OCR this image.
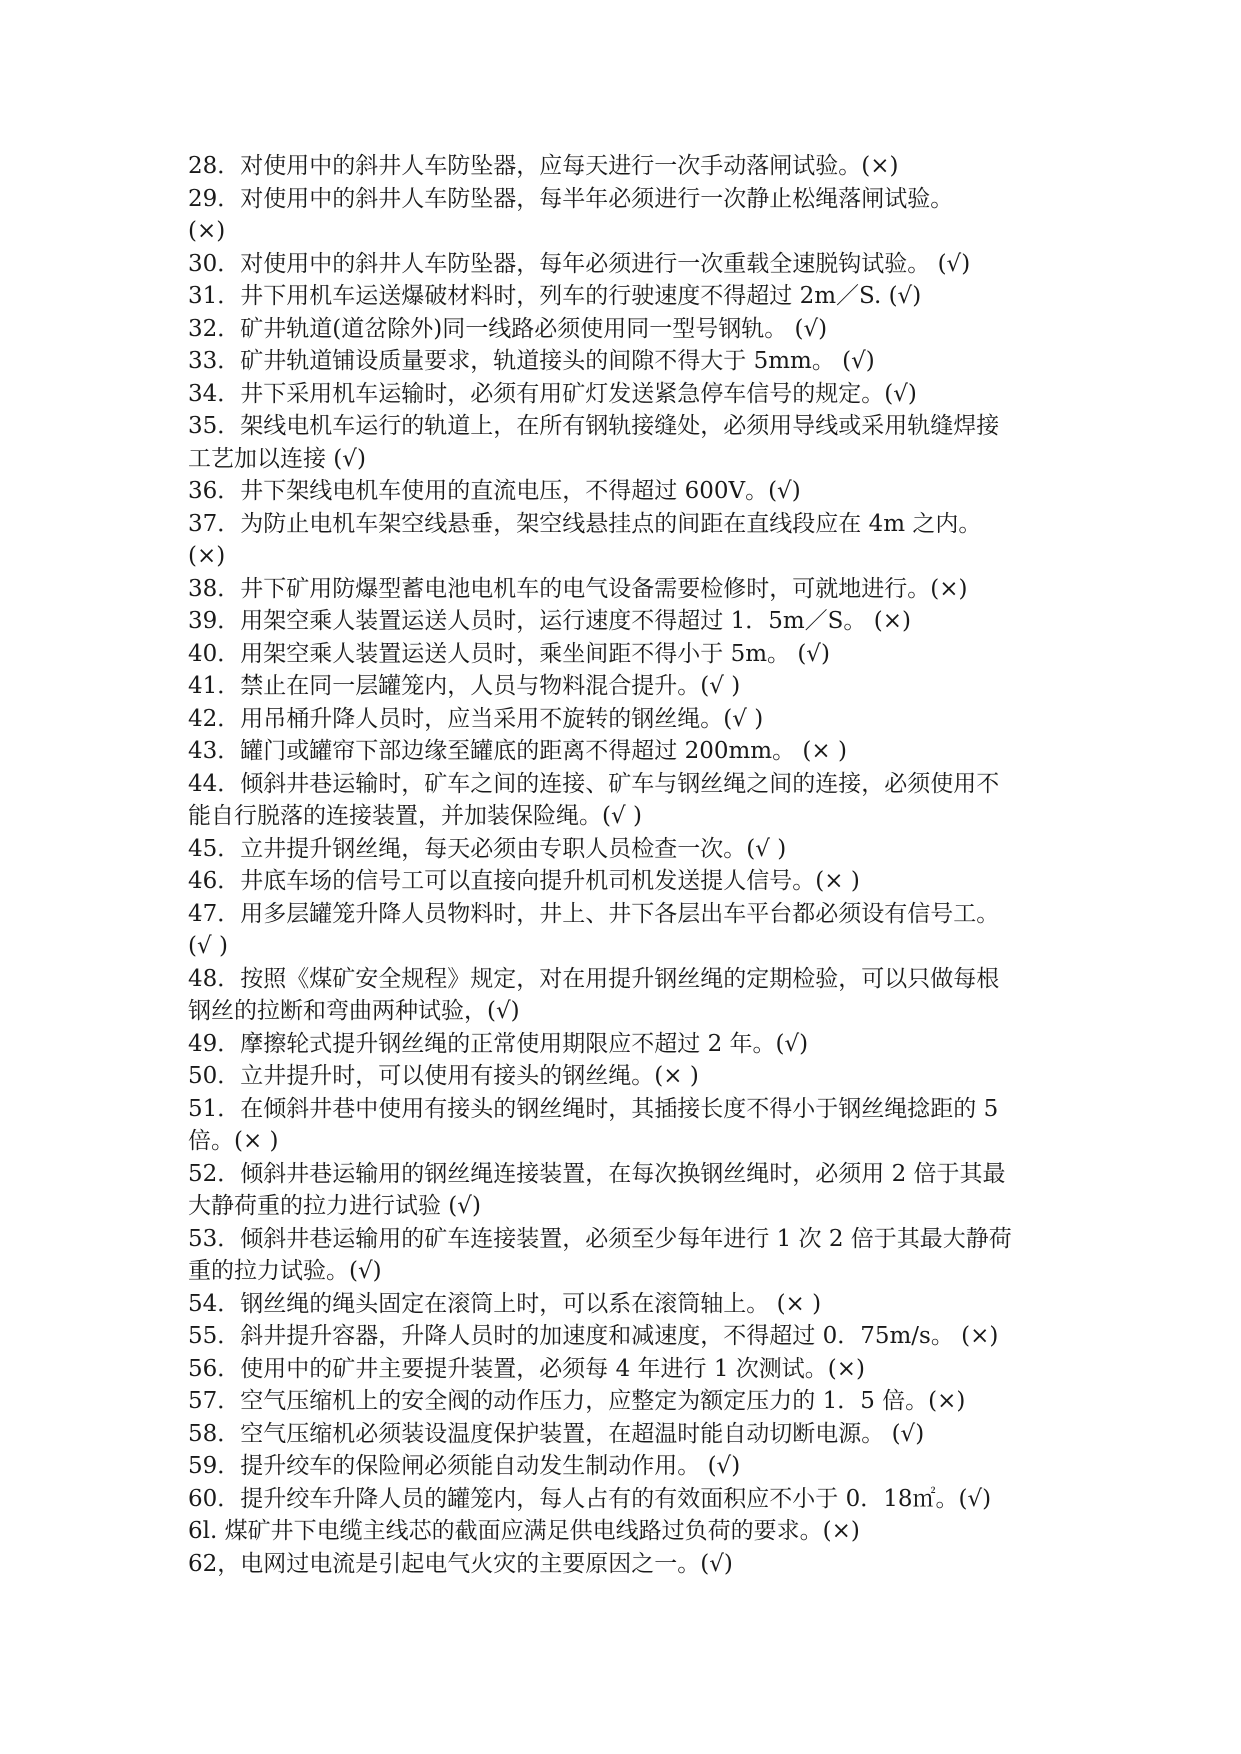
28．对使用中的斜井人车防坠器，应每天进行一次手动落闸试验。(×)
29．对使用中的斜井人车防坠器，每半年必须进行一次静止松绳落闸试验。
(×)
30．对使用中的斜井人车防坠器，每年必须进行一次重载全速脱钩试验。 (√)
31．井下用机车运送爆破材料时，列车的行驶速度不得超过 2m／S. (√)
32．矿井轨道(道岔除外)同一线路必须使用同一型号钢轨。 (√)
33．矿井轨道铺设质量要求，轨道接头的间隙不得大于 5mm。 (√)
34．井下采用机车运输时，必须有用矿灯发送紧急停车信号的规定。(√)
35．架线电机车运行的轨道上，在所有钢轨接缝处，必须用导线或采用轨缝焊接
工艺加以连接 (√)
36．井下架线电机车使用的直流电压，不得超过 600V。(√)
37．为防止电机车架空线悬垂，架空线悬挂点的间距在直线段应在 4m 之内。
(×)
38．井下矿用防爆型蓄电池电机车的电气设备需要检修时，可就地进行。(×)
39．用架空乘人装置运送人员时，运行速度不得超过 1．5m／S。 (×)
40．用架空乘人装置运送人员时，乘坐间距不得小于 5m。 (√)
41．禁止在同一层罐笼内，人员与物料混合提升。(√ )
42．用吊桶升降人员时，应当采用不旋转的钢丝绳。(√ )
43．罐门或罐帘下部边缘至罐底的距离不得超过 200mm。 (× )
44．倾斜井巷运输时，矿车之间的连接、矿车与钢丝绳之间的连接，必须使用不
能自行脱落的连接装置，并加装保险绳。(√ )
45．立井提升钢丝绳，每天必须由专职人员检查一次。(√ )
46．井底车场的信号工可以直接向提升机司机发送提人信号。(× )
47．用多层罐笼升降人员物料时，井上、井下各层出车平台都必须设有信号工。
(√ )
48．按照《煤矿安全规程》规定，对在用提升钢丝绳的定期检验，可以只做每根
钢丝的拉断和弯曲两种试验，(√)
49．摩擦轮式提升钢丝绳的正常使用期限应不超过 2 年。(√)
50．立井提升时，可以使用有接头的钢丝绳。(× )
51．在倾斜井巷中使用有接头的钢丝绳时，其插接长度不得小于钢丝绳捻距的 5
倍。(× )
52．倾斜井巷运输用的钢丝绳连接装置，在每次换钢丝绳时，必须用 2 倍于其最
大静荷重的拉力进行试验 (√)
53．倾斜井巷运输用的矿车连接装置，必须至少每年进行 1 次 2 倍于其最大静荷
重的拉力试验。(√)
54．钢丝绳的绳头固定在滚筒上时，可以系在滚筒轴上。 (× )
55．斜井提升容器，升降人员时的加速度和减速度，不得超过 0．75m/s。 (×)
56．使用中的矿井主要提升装置，必须每 4 年进行 1 次测试。(×)
57．空气压缩机上的安全阀的动作压力，应整定为额定压力的 1．5 倍。(×)
58．空气压缩机必须装设温度保护装置，在超温时能自动切断电源。 (√)
59．提升绞车的保险闸必须能自动发生制动作用。 (√)
60．提升绞车升降人员的罐笼内，每人占有的有效面积应不小于 0．18㎡。(√)
6l. 煤矿井下电缆主线芯的截面应满足供电线路过负荷的要求。(×)
62，电网过电流是引起电气火灾的主要原因之一。(√)
